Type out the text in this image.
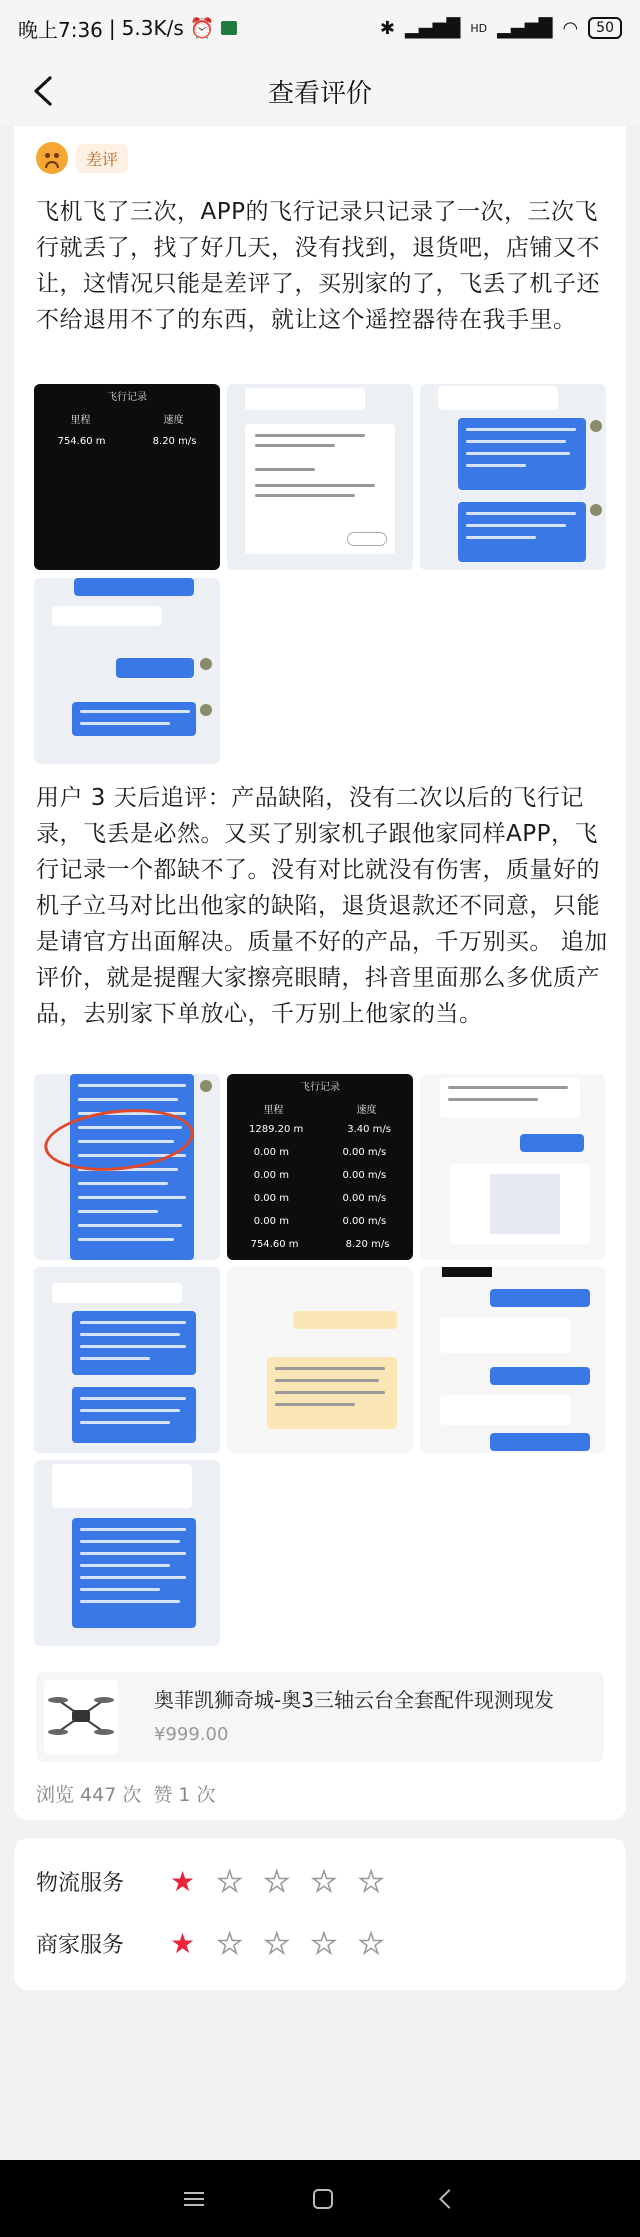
晚上7:36 | 5.3K/s ⏰	✱ ▂▄▆█ HD ▂▄▆█ ◠	50
查看评价
差评
飞机飞了三次，APP的飞行记录只记录了一次，三次飞行就丢了，找了好几天，没有找到，退货吧，店铺又不让，这情况只能是差评了，买别家的了，飞丢了机子还不给退用不了的东西，就让这个遥控器待在我手里。
飞行记录
里程	速度
754.60 m	8.20 m/s
用户 3 天后追评：产品缺陷，没有二次以后的飞行记录，飞丢是必然。又买了别家机子跟他家同样APP，飞行记录一个都缺不了。没有对比就没有伤害，质量好的机子立马对比出他家的缺陷，退货退款还不同意，只能是请官方出面解决。质量不好的产品，千万别买。 追加评价，就是提醒大家擦亮眼睛，抖音里面那么多优质产品，去别家下单放心，千万别上他家的当。
飞行记录
里程	速度
1289.20 m	3.40 m/s
0.00 m	0.00 m/s
0.00 m	0.00 m/s
0.00 m	0.00 m/s
0.00 m	0.00 m/s
754.60 m	8.20 m/s
奥菲凯狮奇城-奥3三轴云台全套配件现测现发
¥999.00
浏览 447 次 赞 1 次
物流服务	★ ★ ★ ★ ★
商家服务	★ ★ ★ ★ ★
